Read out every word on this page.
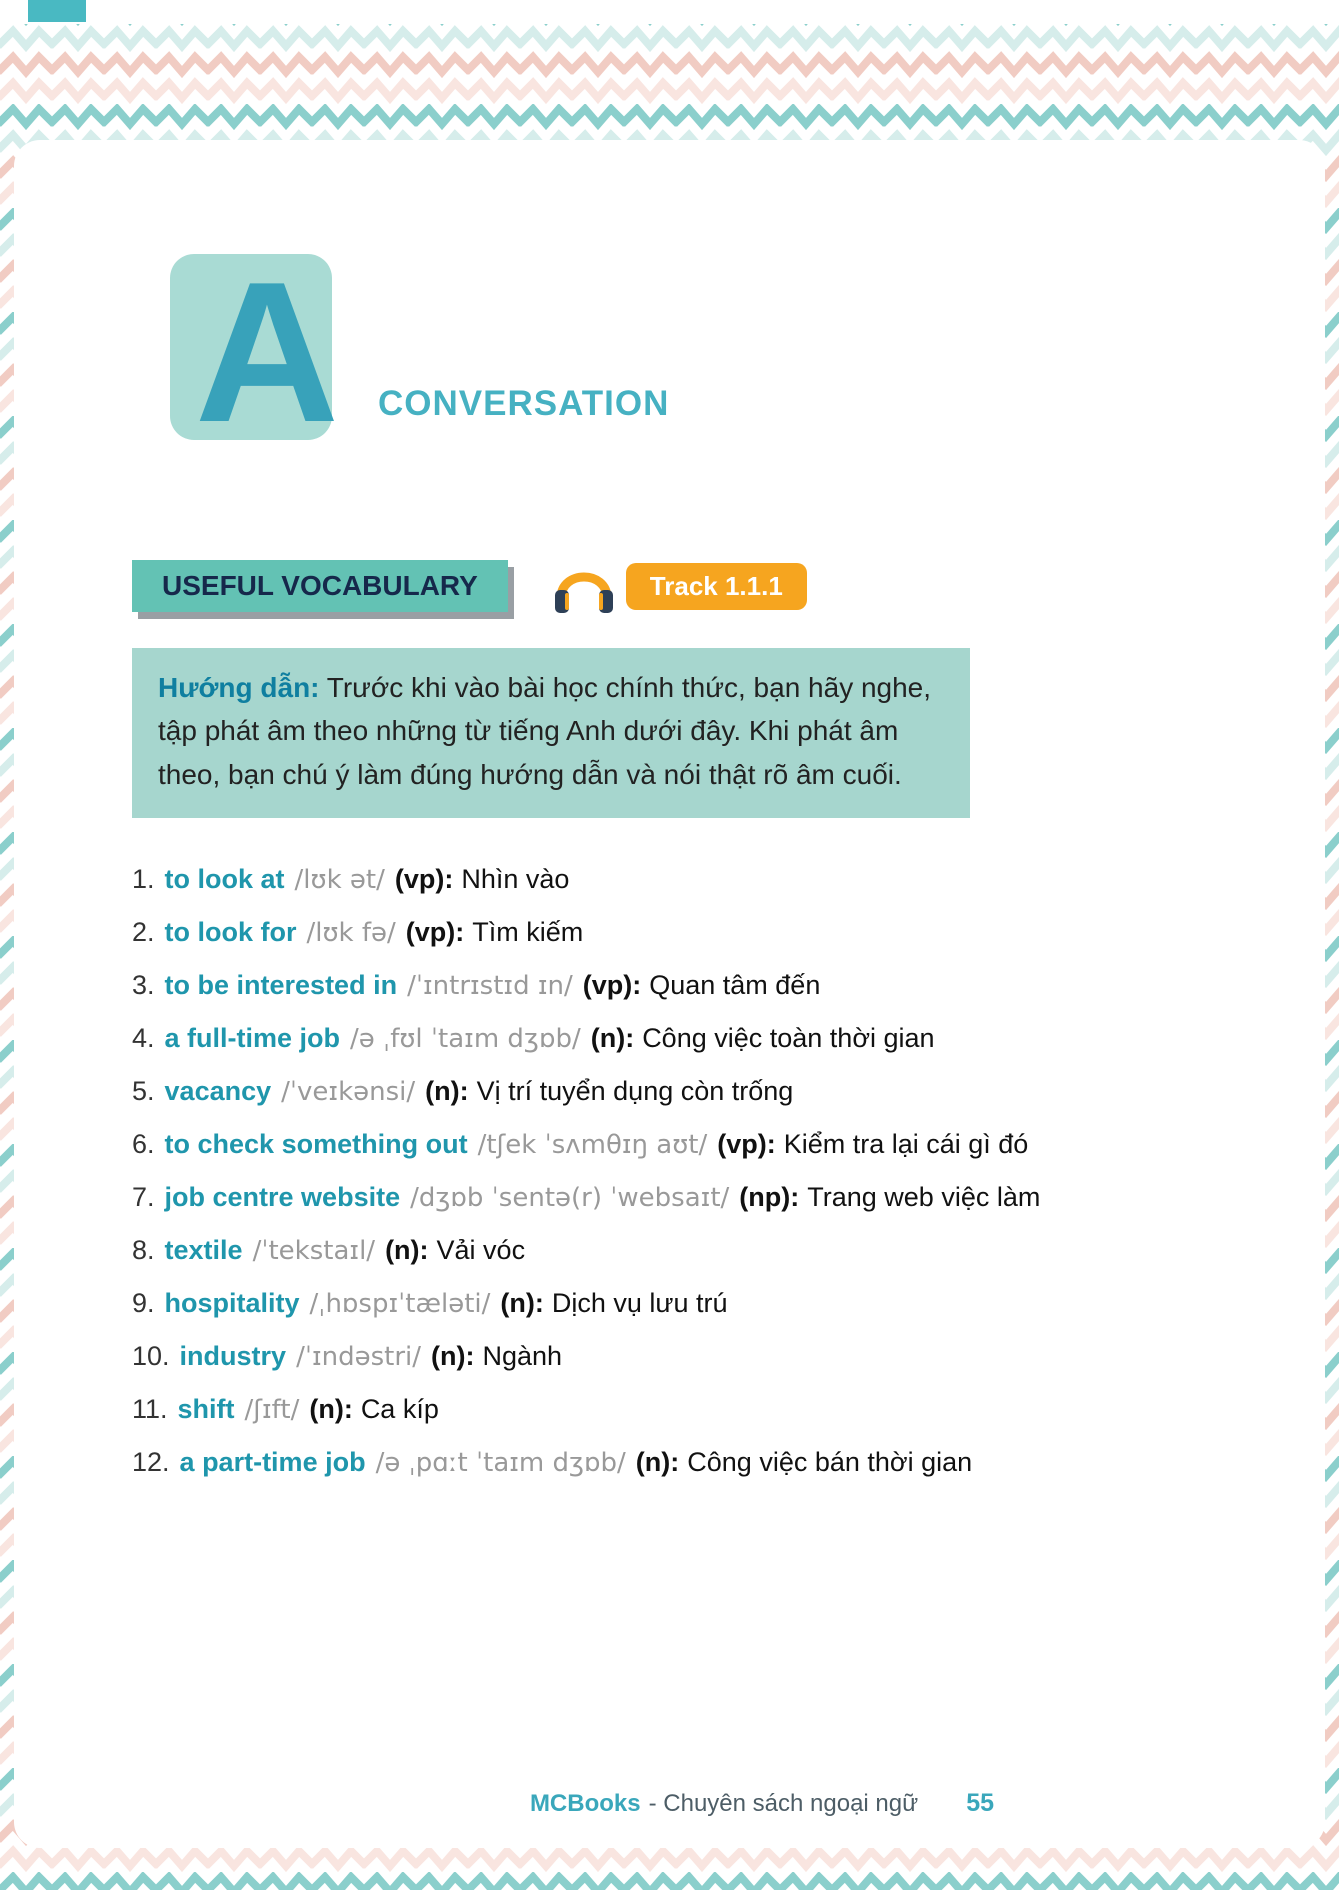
A CONVERSATION
USEFUL VOCABULARY	Track 1.1.1
Hướng dẫn: Trước khi vào bài học chính thức, bạn hãy nghe, tập phát âm theo những từ tiếng Anh dưới đây. Khi phát âm theo, bạn chú ý làm đúng hướng dẫn và nói thật rõ âm cuối.
1. to look at /lʊk ət/ (vp): Nhìn vào
2. to look for /lʊk fə/ (vp): Tìm kiếm
3. to be interested in /ˈɪntrɪstɪd ɪn/ (vp): Quan tâm đến
4. a full-time job /ə ˌfʊl ˈtaɪm dʒɒb/ (n): Công việc toàn thời gian
5. vacancy /ˈveɪkənsi/ (n): Vị trí tuyển dụng còn trống
6. to check something out /tʃek ˈsʌmθɪŋ aʊt/ (vp): Kiểm tra lại cái gì đó
7. job centre website /dʒɒb ˈsentə(r) ˈwebsaɪt/ (np): Trang web việc làm
8. textile /ˈtekstaɪl/ (n): Vải vóc
9. hospitality /ˌhɒspɪˈtæləti/ (n): Dịch vụ lưu trú
10. industry /ˈɪndəstri/ (n): Ngành
11. shift /ʃɪft/ (n): Ca kíp
12. a part-time job /ə ˌpɑːt ˈtaɪm dʒɒb/ (n): Công việc bán thời gian
MCBooks - Chuyên sách ngoại ngữ 55
